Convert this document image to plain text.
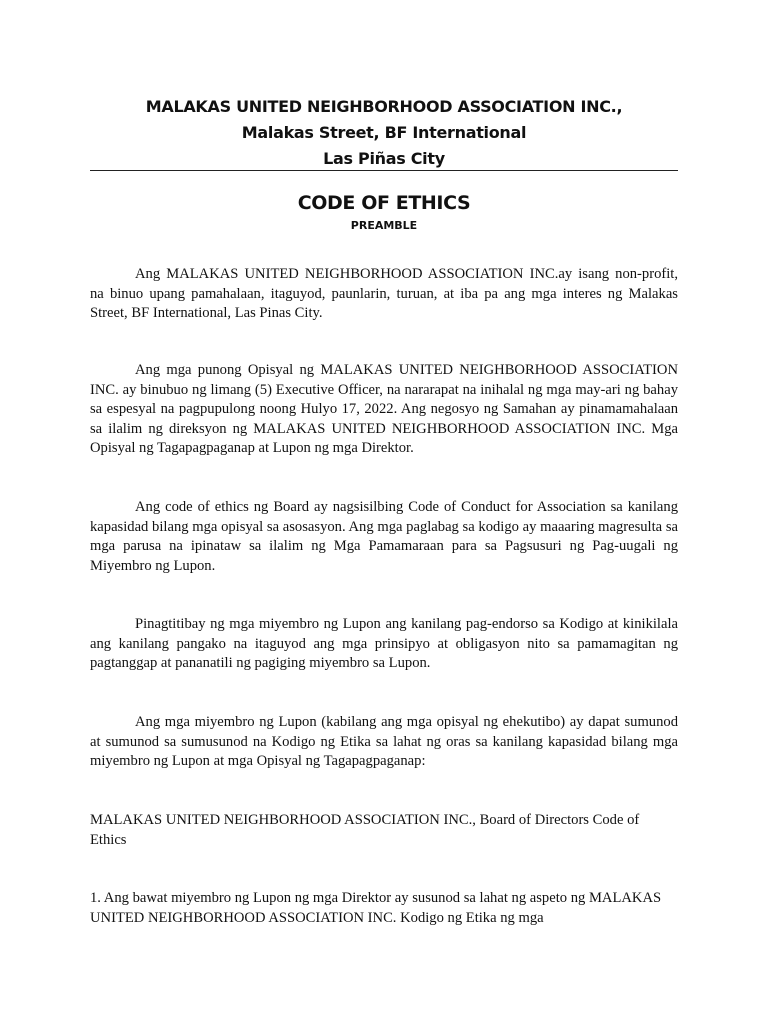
MALAKAS UNITED NEIGHBORHOOD ASSOCIATION INC.,
Malakas Street, BF International
Las Piñas City
CODE OF ETHICS
PREAMBLE

Ang MALAKAS UNITED NEIGHBORHOOD ASSOCIATION INC.ay isang non-profit, na binuo upang pamahalaan, itaguyod, paunlarin, turuan, at iba pa ang mga interes ng Malakas Street, BF International, Las Pinas City.

Ang mga punong Opisyal ng MALAKAS UNITED NEIGHBORHOOD ASSOCIATION INC. ay binubuo ng limang (5) Executive Officer, na nararapat na inihalal ng mga may-ari ng bahay sa espesyal na pagpupulong noong Hulyo 17, 2022. Ang negosyo ng Samahan ay pinamamahalaan sa ilalim ng direksyon ng MALAKAS UNITED NEIGHBORHOOD ASSOCIATION INC. Mga Opisyal ng Tagapagpaganap at Lupon ng mga Direktor.

Ang code of ethics ng Board ay nagsisilbing Code of Conduct for Association sa kanilang kapasidad bilang mga opisyal sa asosasyon. Ang mga paglabag sa kodigo ay maaaring magresulta sa mga parusa na ipinataw sa ilalim ng Mga Pamamaraan para sa Pagsusuri ng Pag-uugali ng Miyembro ng Lupon.

Pinagtitibay ng mga miyembro ng Lupon ang kanilang pag-endorso sa Kodigo at kinikilala ang kanilang pangako na itaguyod ang mga prinsipyo at obligasyon nito sa pamamagitan ng pagtanggap at pananatili ng pagiging miyembro sa Lupon.

Ang mga miyembro ng Lupon (kabilang ang mga opisyal ng ehekutibo) ay dapat sumunod at sumunod sa sumusunod na Kodigo ng Etika sa lahat ng oras sa kanilang kapasidad bilang mga miyembro ng Lupon at mga Opisyal ng Tagapagpaganap:

MALAKAS UNITED NEIGHBORHOOD ASSOCIATION INC., Board of Directors Code of Ethics

1. Ang bawat miyembro ng Lupon ng mga Direktor ay susunod sa lahat ng aspeto ng MALAKAS UNITED NEIGHBORHOOD ASSOCIATION INC. Kodigo ng Etika ng mga
